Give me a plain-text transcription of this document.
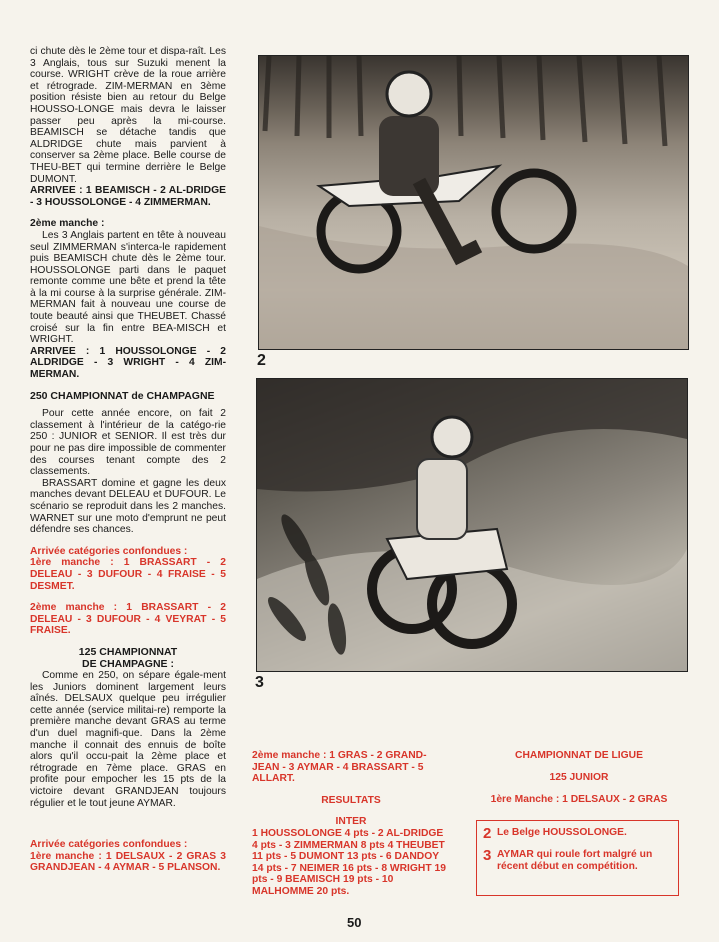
ci chute dès le 2ème tour et dispa-raît. Les 3 Anglais, tous sur Suzuki menent la course. WRIGHT crève de la roue arrière et rétrograde. ZIM-MERMAN en 3ème position résiste bien au retour du Belge HOUSSO-LONGE mais devra le laisser passer peu après la mi-course. BEAMISCH se détache tandis que ALDRIDGE chute mais parvient à conserver sa 2ème place. Belle course de THEU-BET qui termine derrière le Belge DUMONT.

ARRIVEE : 1 BEAMISCH - 2 AL-DRIDGE - 3 HOUSSOLONGE - 4 ZIMMERMAN.

2ème manche :

Les 3 Anglais partent en tête à nouveau seul ZIMMERMAN s'interca-le rapidement puis BEAMISCH chute dès le 2ème tour. HOUSSOLONGE parti dans le paquet remonte comme une bête et prend la tête à la mi course à la surprise générale. ZIM-MERMAN fait à nouveau une course de toute beauté ainsi que THEUBET. Chassé croisé sur la fin entre BEA-MISCH et WRIGHT.

ARRIVEE : 1 HOUSSOLONGE - 2 ALDRIDGE - 3 WRIGHT - 4 ZIM-MERMAN.

250 CHAMPIONNAT de CHAMPAGNE

Pour cette année encore, on fait 2 classement à l'intérieur de la catégo-rie 250 : JUNIOR et SENIOR. Il est très dur pour ne pas dire impossible de commenter des courses tenant compte des 2 classements.

BRASSART domine et gagne les deux manches devant DELEAU et DUFOUR. Le scénario se reproduit dans les 2 manches. WARNET sur une moto d'emprunt ne peut défendre ses chances.

Arrivée catégories confondues :

1ère manche : 1 BRASSART - 2 DELEAU - 3 DUFOUR - 4 FRAISE - 5 DESMET.

2ème manche : 1 BRASSART - 2 DELEAU - 3 DUFOUR - 4 VEYRAT - 5 FRAISE.

125 CHAMPIONNAT

DE CHAMPAGNE :

Comme en 250, on sépare égale-ment les Juniors dominent largement leurs aînés. DELSAUX quelque peu irrégulier cette année (service militai-re) remporte la première manche devant GRAS au terme d'un duel magnifi-que. Dans la 2ème manche il connait des ennuis de boîte alors qu'il occu-pait la 2ème place et rétrograde en 7ème place. GRAS en profite pour empocher les 15 pts de la victoire devant GRANDJEAN toujours régulier et le tout jeune AYMAR.

Arrivée catégories confondues :

1ère manche : 1 DELSAUX - 2 GRAS 3 GRANDJEAN - 4 AYMAR - 5 PLANSON.

2
3

2ème manche : 1 GRAS - 2 GRAND-JEAN - 3 AYMAR - 4 BRASSART - 5 ALLART.

RESULTATS

INTER

1 HOUSSOLONGE 4 pts - 2 AL-DRIDGE 4 pts - 3 ZIMMERMAN 8 pts 4 THEUBET 11 pts - 5 DUMONT 13 pts - 6 DANDOY 14 pts - 7 NEIMER 16 pts - 8 WRIGHT 19 pts - 9 BEAMISCH 19 pts - 10 MALHOMME 20 pts.

CHAMPIONNAT DE LIGUE

125 JUNIOR

1ère Manche : 1 DELSAUX - 2 GRAS

2 Le Belge HOUSSOLONGE.
3 AYMAR qui roule fort malgré un récent début en compétition.
50
